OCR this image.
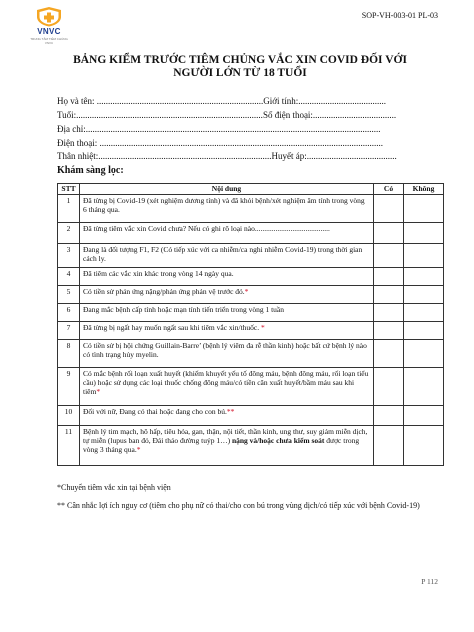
VNVC
TRUNG TÂM TIÊM CHỦNG VNVC
SOP-VH-003-01 PL-03
BẢNG KIỂM TRƯỚC TIÊM CHỦNG VẮC XIN COVID ĐỐI VỚI
NGƯỜI LỚN TỪ 18 TUỔI
Họ và tên: ..........................................................................Giới tính:.......................................
Tuổi:...................................................................................Số điện thoại:.....................................
Địa chỉ:...................................................................................................................................
Điện thoại: ..............................................................................................................................
Thân nhiệt:.............................................................................Huyết áp:........................................
Khám sàng lọc:
STT	Nội dung	Có	Không
1	Đã từng bị Covid-19 (xét nghiệm dương tính) và đã khỏi bệnh/xét nghiệm âm tính trong vòng 6 tháng qua.		
2	Đã từng tiêm vắc xin Covid chưa? Nếu có ghi rõ loại nào........................................		
3	Đang là đối tượng F1, F2 (Có tiếp xúc với ca nhiễm/ca nghi nhiễm Covid-19) trong thời gian cách ly.		
4	Đã tiêm các vắc xin khác trong vòng 14 ngày qua.		
5	Có tiền sử phản ứng nặng/phản ứng phản vệ trước đó.*		
6	Đang mắc bệnh cấp tính hoặc mạn tính tiến triển trong vòng 1 tuần		
7	Đã từng bị ngất hay muốn ngất sau khi tiêm vắc xin/thuốc. *		
8	Có tiền sử bị hội chứng Guillain-Barre’ (bệnh lý viêm đa rễ thần kinh) hoặc bất cứ bệnh lý nào có tình trạng hủy myelin.		
9	Có mắc bệnh rối loạn xuất huyết (khiếm khuyết yếu tố đông máu, bệnh đông máu, rối loạn tiểu cầu) hoặc sử dụng các loại thuốc chống đông máu/có tiền căn xuất huyết/bầm máu sau khi tiêm*		
10	Đối với nữ, Đang có thai hoặc đang cho con bú.**		
11	Bệnh lý tim mạch, hô hấp, tiêu hóa, gan, thận, nội tiết, thần kinh, ung thư, suy giảm miễn dịch, tự miễn (lupus ban đỏ, Đái tháo đường tuýp 1…) nặng và/hoặc chưa kiểm soát được trong vòng 3 tháng qua.*		
*Chuyển tiêm vắc xin tại bệnh viện
** Cân nhắc lợi ích nguy cơ (tiêm cho phụ nữ có thai/cho con bú trong vùng dịch/có tiếp xúc với bệnh Covid-19)
P 112
